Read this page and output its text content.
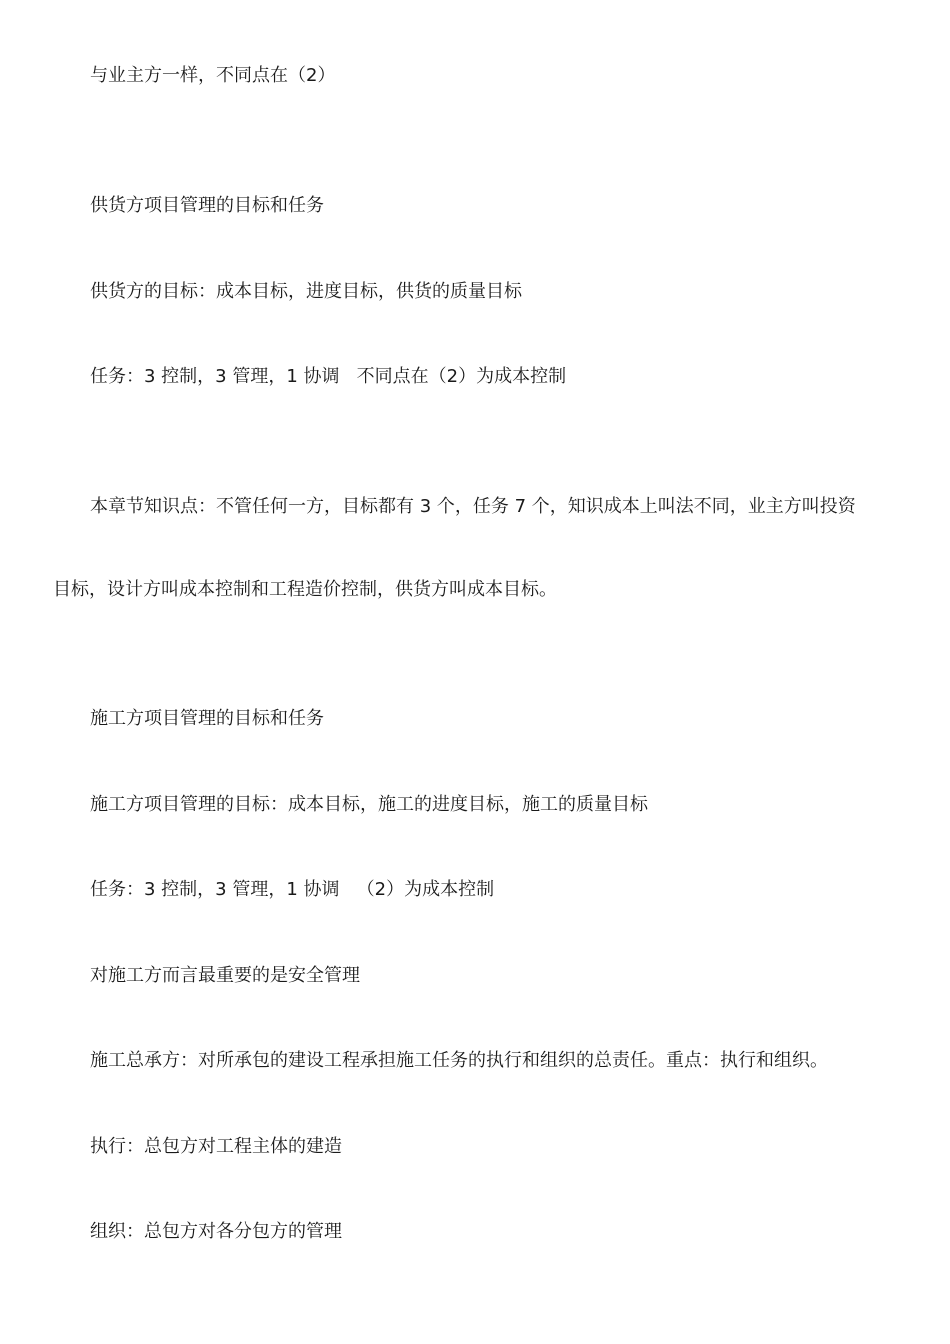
与业主方一样，不同点在（2）
供货方项目管理的目标和任务
供货方的目标：成本目标，进度目标，供货的质量目标
任务：3 控制，3 管理，1 协调   不同点在（2）为成本控制
本章节知识点：不管任何一方，目标都有 3 个，任务 7 个，知识成本上叫法不同，业主方叫投资
目标，设计方叫成本控制和工程造价控制，供货方叫成本目标。
施工方项目管理的目标和任务
施工方项目管理的目标：成本目标，施工的进度目标，施工的质量目标
任务：3 控制，3 管理，1 协调   （2）为成本控制
对施工方而言最重要的是安全管理
施工总承方：对所承包的建设工程承担施工任务的执行和组织的总责任。重点：执行和组织。
执行：总包方对工程主体的建造
组织：总包方对各分包方的管理
